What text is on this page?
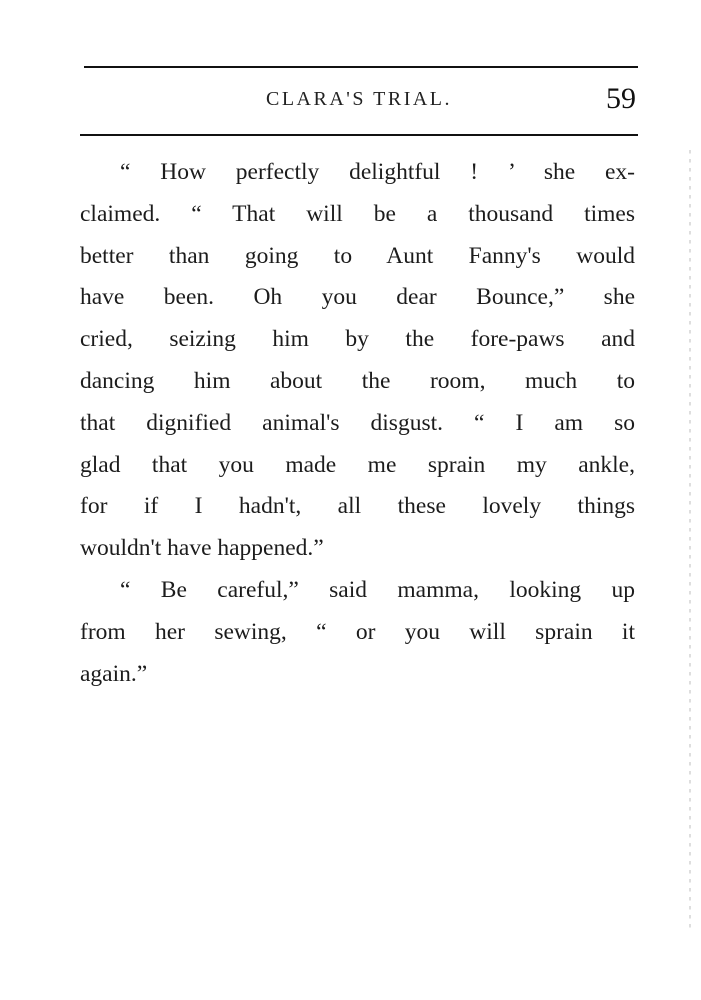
CLARA'S TRIAL.	59
“ How perfectly delightful ! ’ she ex-
claimed. “ That will be a thousand times
better than going to Aunt Fanny's would
have been. Oh you dear Bounce,” she
cried, seizing him by the fore-paws and
dancing him about the room, much to
that dignified animal's disgust. “ I am so
glad that you made me sprain my ankle,
for if I hadn't, all these lovely things
wouldn't have happened.”
“ Be careful,” said mamma, looking up
from her sewing, “ or you will sprain it
again.”
